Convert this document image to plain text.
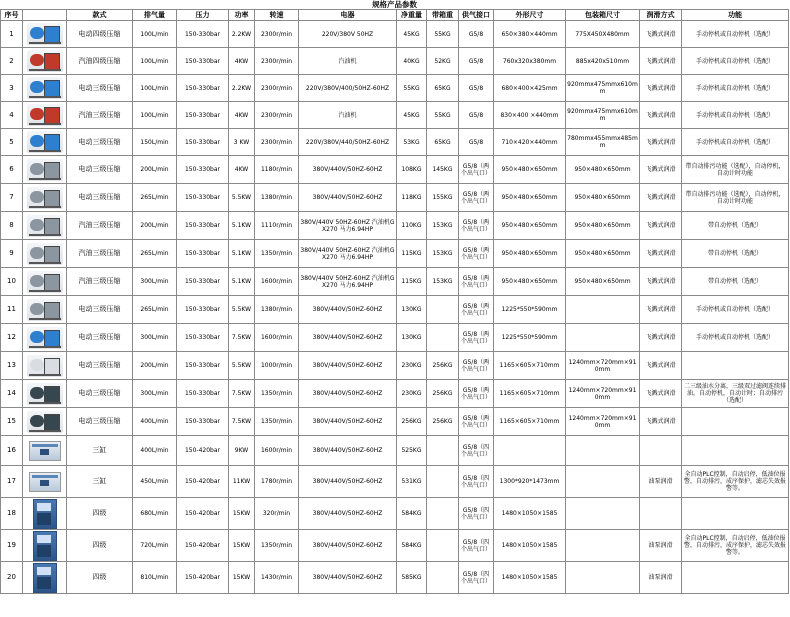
规格产品参数														
序号		款式	排气量	压力	功率	转速	电器	净重量	带箱重	供气接口	外形尺寸	包装箱尺寸	润滑方式	功能
1		电动四级压缩	100L/min	150-330bar	2.2KW	2300r/min	220V/380V 50HZ	45KG	55KG	G5/8	650×380×440mm	775X450X480mm	飞溅式润滑	手动停机或自动停机（选配）
2		汽油四级压缩	100L/min	150-330bar	4KW	2300r/min	汽油机	40KG	52KG	G5/8	760x320x380mm	885x420x510mm	飞溅式润滑	手动停机或自动停机（选配）
3		电动三级压缩	100L/min	150-330bar	2.2KW	2300r/min	220V/380V/400/50HZ-60HZ	55KG	65KG	G5/8	680×400×425mm	920mmx475mmx610mm	飞溅式润滑	手动停机或自动停机（选配）
4		汽油三级压缩	100L/min	150-330bar	4KW	2300r/min	汽油机	45KG	55KG	G5/8	830×400 ×440mm	920mmx475mmx610mm	飞溅式润滑	手动停机或自动停机（选配）
5		电动三级压缩	150L/min	150-330bar	3 KW	2300r/min	220V/380V/440/50HZ-60HZ	53KG	65KG	G5/8	710×420×440mm	780mmx455mmx485mm	飞溅式润滑	手动停机或自动停机（选配）
6		电动三级压缩	200L/min	150-330bar	4KW	1180r/min	380V/440V/50HZ-60HZ	108KG	145KG	G5/8（两个出气口）	950×480×650mm	950×480×650mm	飞溅式润滑	带自动排污功能（选配），自动停机，自动计时功能
7		电动三级压缩	265L/min	150-330bar	5.5KW	1380r/min	380V/440V/50HZ-60HZ	118KG	155KG	G5/8（两个出气口）	950×480×650mm	950×480×650mm	飞溅式润滑	带自动排污功能（选配），自动停机，自动计时功能
8		汽油三级压缩	200L/min	150-330bar	5.1KW	1110r/min	380V/440V 50HZ-60HZ 汽油机GX270 马力6.94HP	110KG	153KG	G5/8（两个出气口）	950×480×650mm	950×480×650mm	飞溅式润滑	带自动停机（选配）
9		汽油三级压缩	265L/min	150-330bar	5.1KW	1350r/min	380V/440V 50HZ-60HZ 汽油机GX270 马力6.94HP	115KG	153KG	G5/8（两个出气口）	950×480×650mm	950×480×650mm	飞溅式润滑	带自动停机（选配）
10		汽油三级压缩	300L/min	150-330bar	5.1KW	1600r/min	380V/440V 50HZ-60HZ 汽油机GX270 马力6.94HP	115KG	153KG	G5/8（两个出气口）	950×480×650mm	950×480×650mm	飞溅式润滑	带自动停机（选配）
11		电动三级压缩	265L/min	150-330bar	5.5KW	1380r/min	380V/440V/50HZ-60HZ	130KG		G5/8（两个出气口）	1225*550*590mm		飞溅式润滑	手动停机或自动停机（选配）
12		电动三级压缩	300L/min	150-330bar	7.5KW	1600r/min	380V/440V/50HZ-60HZ	130KG		G5/8（两个出气口）	1225*550*590mm		飞溅式润滑	手动停机或自动停机（选配）
13		电动三级压缩	200L/min	150-330bar	5.5KW	1000r/min	380V/440V/50HZ-60HZ	230KG	256KG	G5/8（两个出气口）	1165×605×710mm	1240mm×720mm×910mm	飞溅式润滑	
14		电动三级压缩	300L/min	150-330bar	7.5KW	1350r/min	380V/440V/50HZ-60HZ	230KG	256KG	G5/8（两个出气口）	1165×605×710mm	1240mm×720mm×910mm	飞溅式润滑	二三级油水分离，三级双过滤阀连续排油，自动停机，自动计时；自动排污（选配）
15		电动三级压缩	400L/min	150-330bar	7.5KW	1350r/min	380V/440V/50HZ-60HZ	256KG	256KG	G5/8（两个出气口）	1165×605×710mm	1240mm×720mm×910mm	飞溅式润滑	
16		三缸	400L/min	150-420bar	9KW	1600r/min	380V/440V/50HZ-60HZ	525KG		G5/8（四个出气口）				
17		三缸	450L/min	150-420bar	11KW	1780r/min	380V/440V/50HZ-60HZ	531KG		G5/8（四个出气口）	1300*920*1473mm		油泵润滑	全自动PLC控制，自动启停，低油位报警，自动排污，成序保护，滤芯失效报警等。
18		四级	680L/min	150-420bar	15KW	320r/min	380V/440V/50HZ-60HZ	584KG		G5/8（四个出气口）	1480×1050×1585			
19		四级	720L/min	150-420bar	15KW	1350r/min	380V/440V/50HZ-60HZ	584KG		G5/8（四个出气口）	1480×1050×1585		油泵润滑	全自动PLC控制，自动启停，低油位报警，自动排污，成序保护，滤芯失效报警等。
20		四级	810L/min	150-420bar	15KW	1430r/min	380V/440V/50HZ-60HZ	585KG		G5/8（四个出气口）	1480×1050×1585		油泵润滑	
